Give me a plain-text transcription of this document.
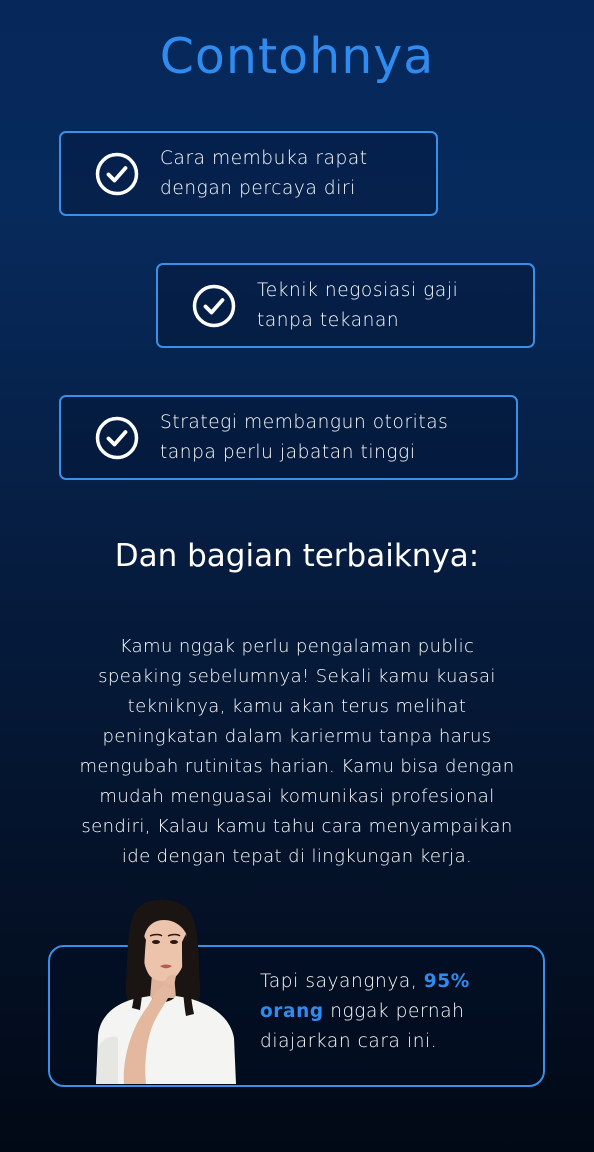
Contohnya
Cara membuka rapat
dengan percaya diri
Teknik negosiasi gaji
tanpa tekanan
Strategi membangun otoritas
tanpa perlu jabatan tinggi
Dan bagian terbaiknya:
Kamu nggak perlu pengalaman public
speaking sebelumnya! Sekali kamu kuasai
tekniknya, kamu akan terus melihat
peningkatan dalam kariermu tanpa harus
mengubah rutinitas harian. Kamu bisa dengan
mudah menguasai komunikasi profesional
sendiri, Kalau kamu tahu cara menyampaikan
ide dengan tepat di lingkungan kerja.
Tapi sayangnya, 95% orang nggak pernah diajarkan cara ini.
